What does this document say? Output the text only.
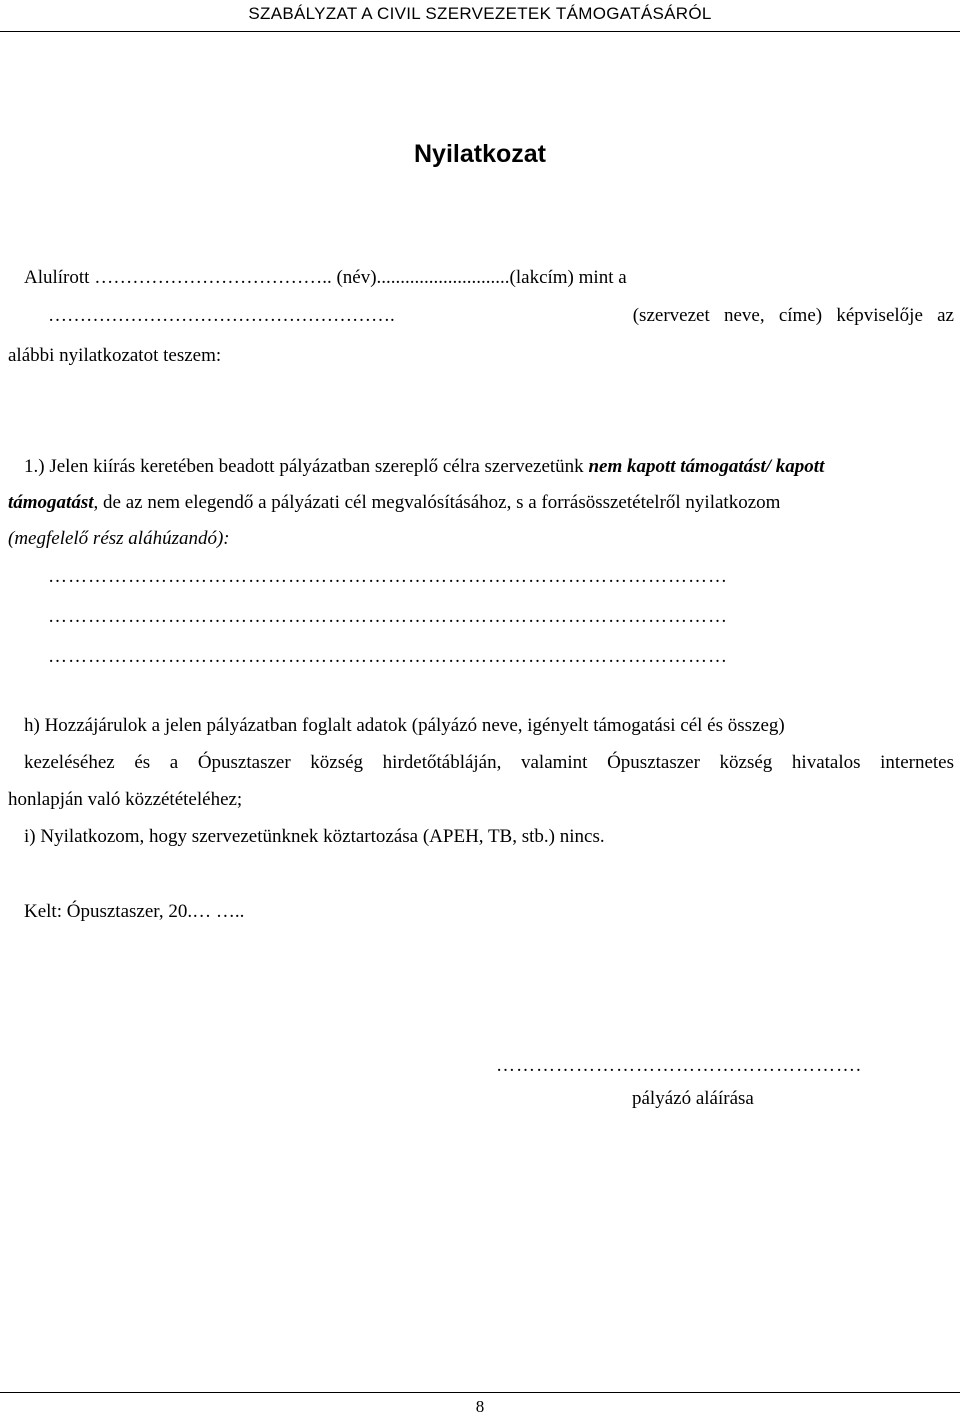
SZABÁLYZAT A CIVIL SZERVEZETEK TÁMOGATÁSÁRÓL
Nyilatkozat
Alulírott ……………………………….. (név)............................(lakcím) mint a
……………………………………………….	(szervezet   neve,   címe)   képviselője   az
alábbi nyilatkozatot teszem:
1.) Jelen kiírás keretében beadott pályázatban szereplő célra szervezetünk nem kapott támogatást/ kapott
támogatást, de az nem elegendő a pályázati cél megvalósításához, s a forrásösszetételről nyilatkozom
(megfelelő rész aláhúzandó):
…………………………………………………………………………………………
…………………………………………………………………………………………
…………………………………………………………………………………………
h) Hozzájárulok a jelen pályázatban foglalt adatok (pályázó neve, igényelt támogatási cél és összeg)
kezeléséhez és a Ópusztaszer község hirdetőtábláján, valamint Ópusztaszer község hivatalos internetes
honlapján való közzétételéhez;
i) Nyilatkozom, hogy szervezetünknek köztartozása (APEH, TB, stb.) nincs.
Kelt: Ópusztaszer, 20.… …..
……………………………………………….
pályázó aláírása
8
